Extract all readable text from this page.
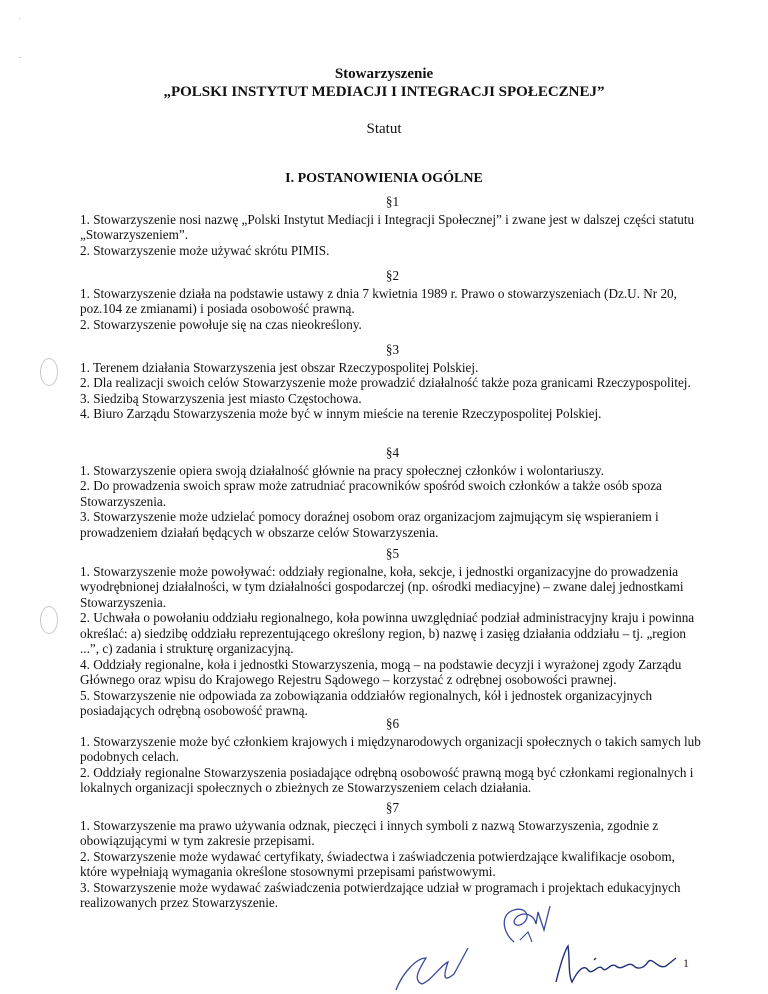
·
-
Stowarzyszenie
„POLSKI INSTYTUT MEDIACJI I INTEGRACJI SPOŁECZNEJ”
Statut
I. POSTANOWIENIA OGÓLNE
§1

1. Stowarzyszenie nosi nazwę „Polski Instytut Mediacji i Integracji Społecznej” i zwane jest w dalszej części statutu „Stowarzyszeniem”.

2. Stowarzyszenie może używać skrótu PIMIS.

§2

1. Stowarzyszenie działa na podstawie ustawy z dnia 7 kwietnia 1989 r. Prawo o stowarzyszeniach (Dz.U. Nr 20, poz.104 ze zmianami) i posiada osobowość prawną.

2. Stowarzyszenie powołuje się na czas nieokreślony.

§3

1. Terenem działania Stowarzyszenia jest obszar Rzeczypospolitej Polskiej.

2. Dla realizacji swoich celów Stowarzyszenie może prowadzić działalność także poza granicami Rzeczypospolitej.

3. Siedzibą Stowarzyszenia jest miasto Częstochowa.

4. Biuro Zarządu Stowarzyszenia może być w innym mieście na terenie Rzeczypospolitej Polskiej.

§4

1. Stowarzyszenie opiera swoją działalność głównie na pracy społecznej członków i wolontariuszy.

2. Do prowadzenia swoich spraw może zatrudniać pracowników spośród swoich członków a także osób spoza Stowarzyszenia.

3. Stowarzyszenie może udzielać pomocy doraźnej osobom oraz organizacjom zajmującym się wspieraniem i prowadzeniem działań będących w obszarze celów Stowarzyszenia.

§5

1. Stowarzyszenie może powoływać: oddziały regionalne, koła, sekcje, i jednostki organizacyjne do prowadzenia wyodrębnionej działalności, w tym działalności gospodarczej (np. ośrodki mediacyjne) – zwane dalej jednostkami Stowarzyszenia.

2. Uchwała o powołaniu oddziału regionalnego, koła powinna uwzględniać podział administracyjny kraju i powinna określać: a) siedzibę oddziału reprezentującego określony region, b) nazwę i zasięg działania oddziału – tj. „region ...”, c) zadania i strukturę organizacyjną.

4. Oddziały regionalne, koła i jednostki Stowarzyszenia, mogą – na podstawie decyzji i wyrażonej zgody Zarządu Głównego oraz wpisu do Krajowego Rejestru Sądowego – korzystać z odrębnej osobowości prawnej.

5. Stowarzyszenie nie odpowiada za zobowiązania oddziałów regionalnych, kół i jednostek organizacyjnych posiadających odrębną osobowość prawną.

§6

1. Stowarzyszenie może być członkiem krajowych i międzynarodowych organizacji społecznych o takich samych lub podobnych celach.

2. Oddziały regionalne Stowarzyszenia posiadające odrębną osobowość prawną mogą być członkami regionalnych i lokalnych organizacji społecznych o zbieżnych ze Stowarzyszeniem celach działania.

§7

1. Stowarzyszenie ma prawo używania odznak, pieczęci i innych symboli z nazwą Stowarzyszenia, zgodnie z obowiązującymi w tym zakresie przepisami.

2. Stowarzyszenie może wydawać certyfikaty, świadectwa i zaświadczenia potwierdzające kwalifikacje osobom, które wypełniają wymagania określone stosownymi przepisami państwowymi.

3. Stowarzyszenie może wydawać zaświadczenia potwierdzające udział w programach i projektach edukacyjnych realizowanych przez Stowarzyszenie.

1
